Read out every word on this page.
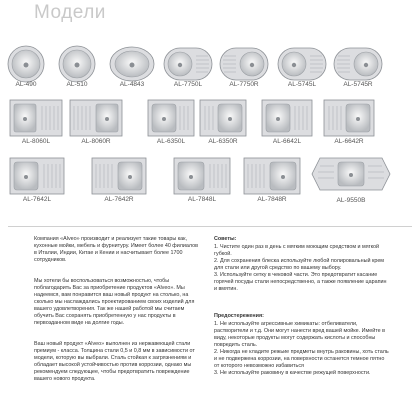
Модели
AL-490	AL-510	AL-4843	AL-7750L	AL-7750R	AL-5745L	AL-5745R
AL-8060L	AL-8060R	AL-6350L	AL-6350R	AL-6642L	AL-6642R
AL-7642L	AL-7642R	AL-7848L	AL-7848R	AL-9550B

Компания «Alveo» производит и реализует такие товары как, кухонные мойки, мебель и фурнитуру. Имеет более 40 филиалов в Италии, Индии, Китае и Кении и насчитывает более 1700 сотрудников.

Мы хотели бы воспользоваться возможностью, чтобы поблагодарить Вас за приобретение продуктов «Alveo». Мы надеемся, вам понравится ваш новый продукт на столько, на сколько мы наслаждались проектированием своих изделий для вашего удовлетворения. Так же нашей работой мы считаем обучить Вас сохранять приобретенную у нас продукты в первозданном виде на долгие годы.

Ваш новый продукт «Alveo» выполнен из нержавеющей стали премиум - класса. Толщина стали 0,5 и 0,8 мм в зависимости от модели, которую вы выбрали. Сталь стойкая к загрязнениям и обладает высокой устойчивостью против коррозии, однако мы рекомендуем следующее, чтобы предотвратить повреждение вашего нового продукта.

Советы:

1. Чистите один раз в день с мягким моющим средством и мягкой губкой.

2. Для сохранения блеска используйте любой полировальный крем для стали или другой средство по вашему выбору.

3. Используйте сетку в чековой части. Это предотвратит касание горячей посуды стали непосредственно, а также появление царапин и вмятин.

Предостережения:

1. Не используйте агрессивные химикаты: отбеливатели, растворители и т.д. Они могут нанести вред вашей мойке. Имейте в виду, некоторые продукты могут содержать кислоты и способны повредить сталь.

2. Никогда не кладите режьие предметы внутрь раковины, хоть сталь и не подвержена коррозии, на поверхности останется темное пятно от которого невозможно избавиться

3. Не используйте раковину в качестве режущей поверхности.
